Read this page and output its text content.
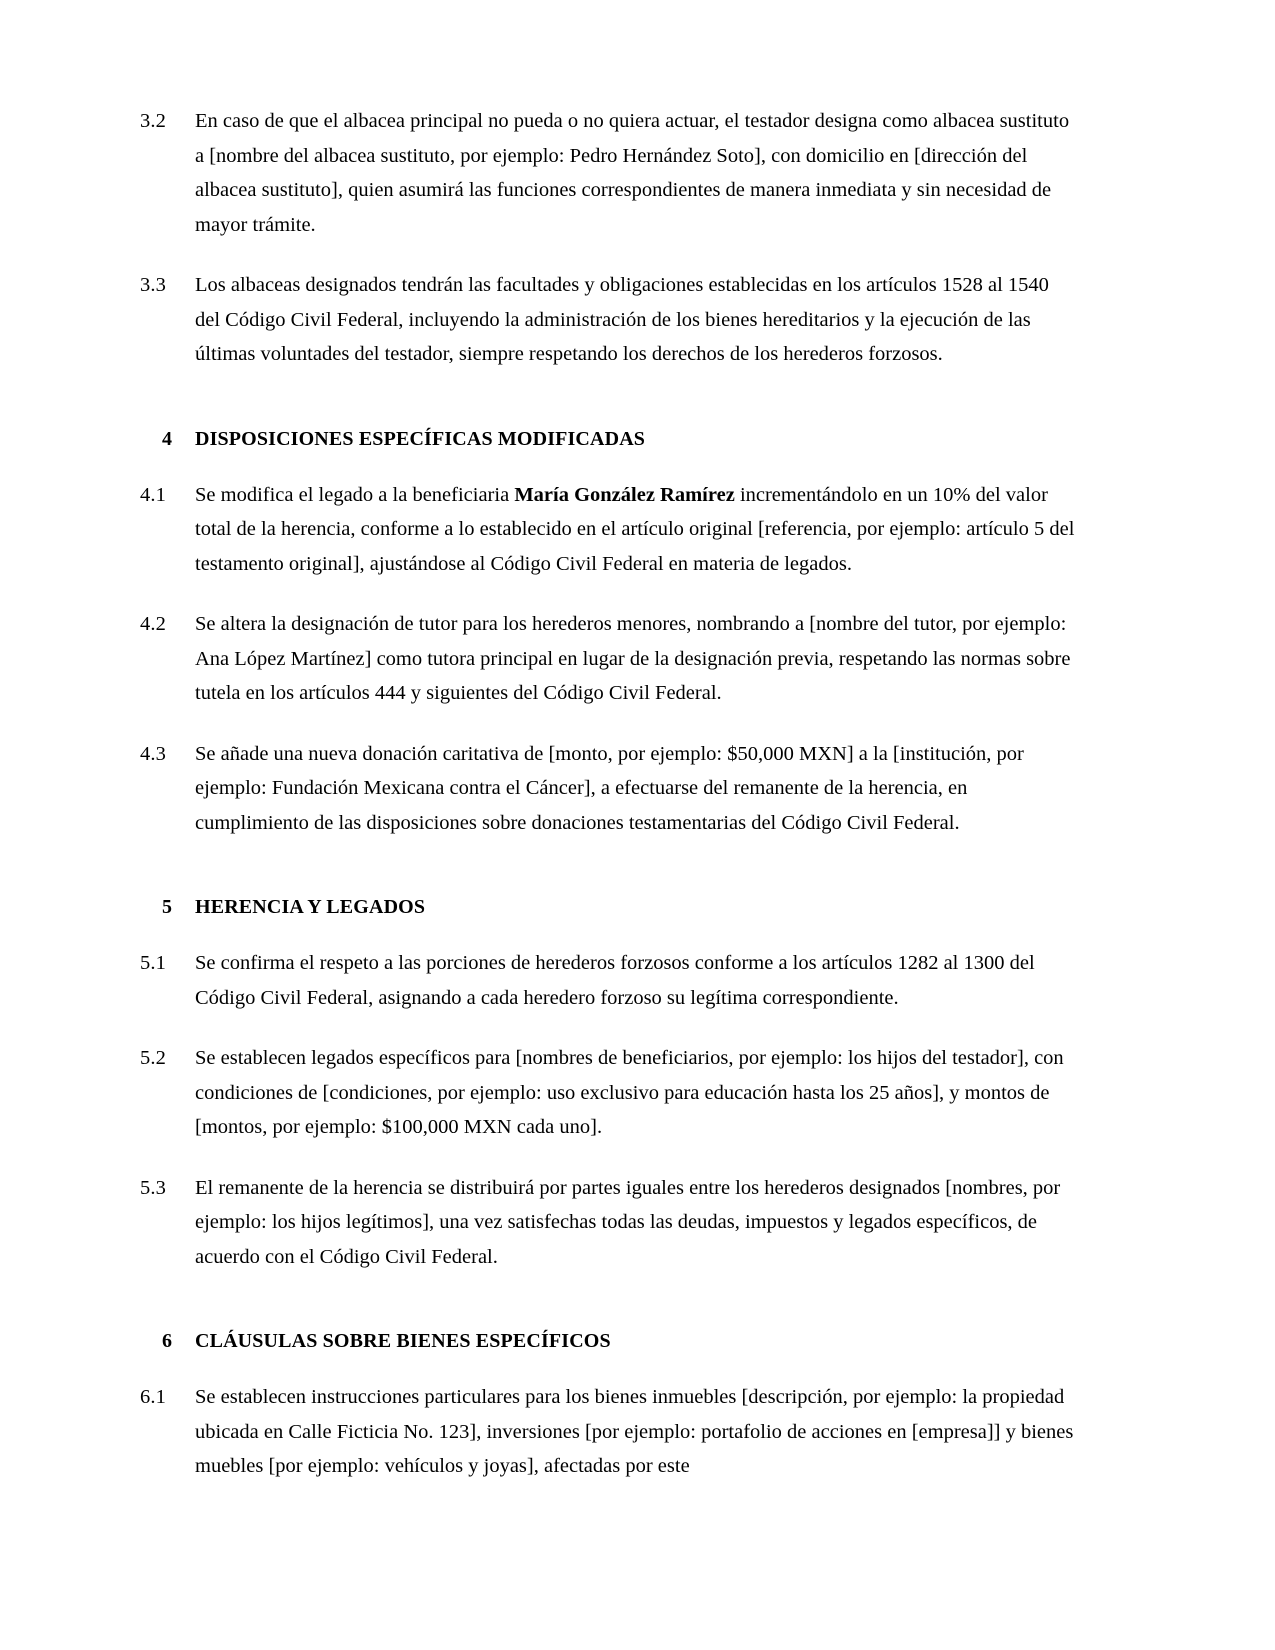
3.2	En caso de que el albacea principal no pueda o no quiera actuar, el testador designa como albacea sustituto a [nombre del albacea sustituto, por ejemplo: Pedro Hernández Soto], con domicilio en [dirección del albacea sustituto], quien asumirá las funciones correspondientes de manera inmediata y sin necesidad de mayor trámite.
3.3	Los albaceas designados tendrán las facultades y obligaciones establecidas en los artículos 1528 al 1540 del Código Civil Federal, incluyendo la administración de los bienes hereditarios y la ejecución de las últimas voluntades del testador, siempre respetando los derechos de los herederos forzosos.
4	DISPOSICIONES ESPECÍFICAS MODIFICADAS
4.1	Se modifica el legado a la beneficiaria María González Ramírez incrementándolo en un 10% del valor total de la herencia, conforme a lo establecido en el artículo original [referencia, por ejemplo: artículo 5 del testamento original], ajustándose al Código Civil Federal en materia de legados.
4.2	Se altera la designación de tutor para los herederos menores, nombrando a [nombre del tutor, por ejemplo: Ana López Martínez] como tutora principal en lugar de la designación previa, respetando las normas sobre tutela en los artículos 444 y siguientes del Código Civil Federal.
4.3	Se añade una nueva donación caritativa de [monto, por ejemplo: $50,000 MXN] a la [institución, por ejemplo: Fundación Mexicana contra el Cáncer], a efectuarse del remanente de la herencia, en cumplimiento de las disposiciones sobre donaciones testamentarias del Código Civil Federal.
5	HERENCIA Y LEGADOS
5.1	Se confirma el respeto a las porciones de herederos forzosos conforme a los artículos 1282 al 1300 del Código Civil Federal, asignando a cada heredero forzoso su legítima correspondiente.
5.2	Se establecen legados específicos para [nombres de beneficiarios, por ejemplo: los hijos del testador], con condiciones de [condiciones, por ejemplo: uso exclusivo para educación hasta los 25 años], y montos de [montos, por ejemplo: $100,000 MXN cada uno].
5.3	El remanente de la herencia se distribuirá por partes iguales entre los herederos designados [nombres, por ejemplo: los hijos legítimos], una vez satisfechas todas las deudas, impuestos y legados específicos, de acuerdo con el Código Civil Federal.
6	CLÁUSULAS SOBRE BIENES ESPECÍFICOS
6.1	Se establecen instrucciones particulares para los bienes inmuebles [descripción, por ejemplo: la propiedad ubicada en Calle Ficticia No. 123], inversiones [por ejemplo: portafolio de acciones en [empresa]] y bienes muebles [por ejemplo: vehículos y joyas], afectadas por este
